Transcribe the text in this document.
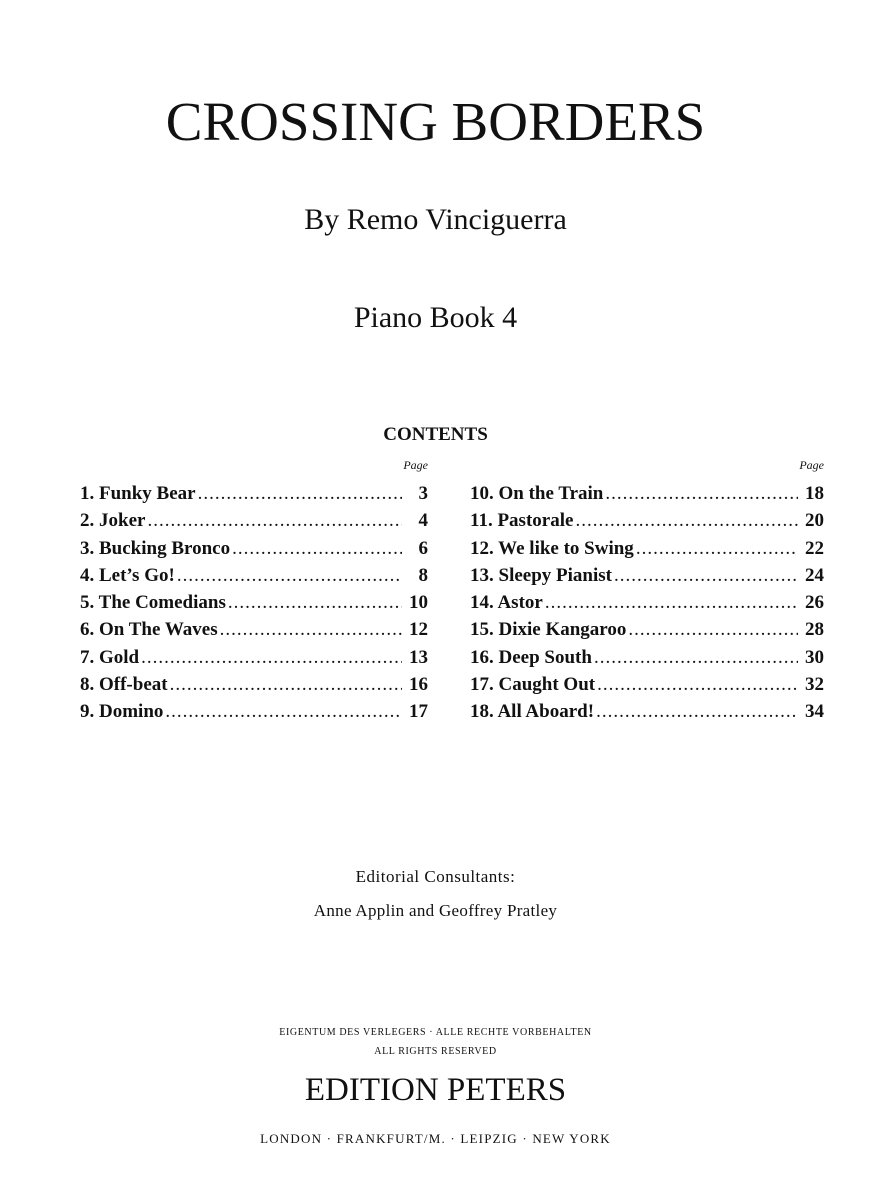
CROSSING BORDERS
By Remo Vinciguerra
Piano Book 4
CONTENTS
Page
1. Funky Bear .....	3
2. Joker .....	4
3. Bucking Bronco .....	6
4. Let’s Go! .....	8
5. The Comedians .....	10
6. On The Waves .....	12
7. Gold .....	13
8. Off-beat .....	16
9. Domino .....	17
Page
10. On the Train .....	18
11. Pastorale .....	20
12. We like to Swing .....	22
13. Sleepy Pianist .....	24
14. Astor .....	26
15. Dixie Kangaroo .....	28
16. Deep South .....	30
17. Caught Out .....	32
18. All Aboard! .....	34
Editorial Consultants:
Anne Applin and Geoffrey Pratley
EIGENTUM DES VERLEGERS · ALLE RECHTE VORBEHALTEN
ALL RIGHTS RESERVED
EDITION PETERS
LONDON · FRANKFURT/M. · LEIPZIG · NEW YORK
